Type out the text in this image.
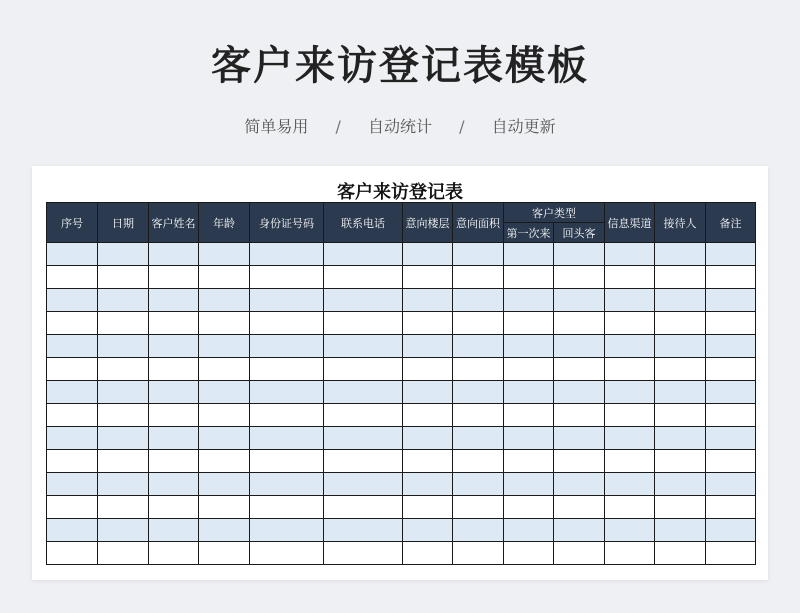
客户来访登记表模板
简单易用 / 自动统计 / 自动更新
客户来访登记表
序号	日期	客户姓名	年龄	身份证号码	联系电话	意向楼层	意向面积	客户类型		信息渠道	接待人	备注
								第一次来	回头客			
